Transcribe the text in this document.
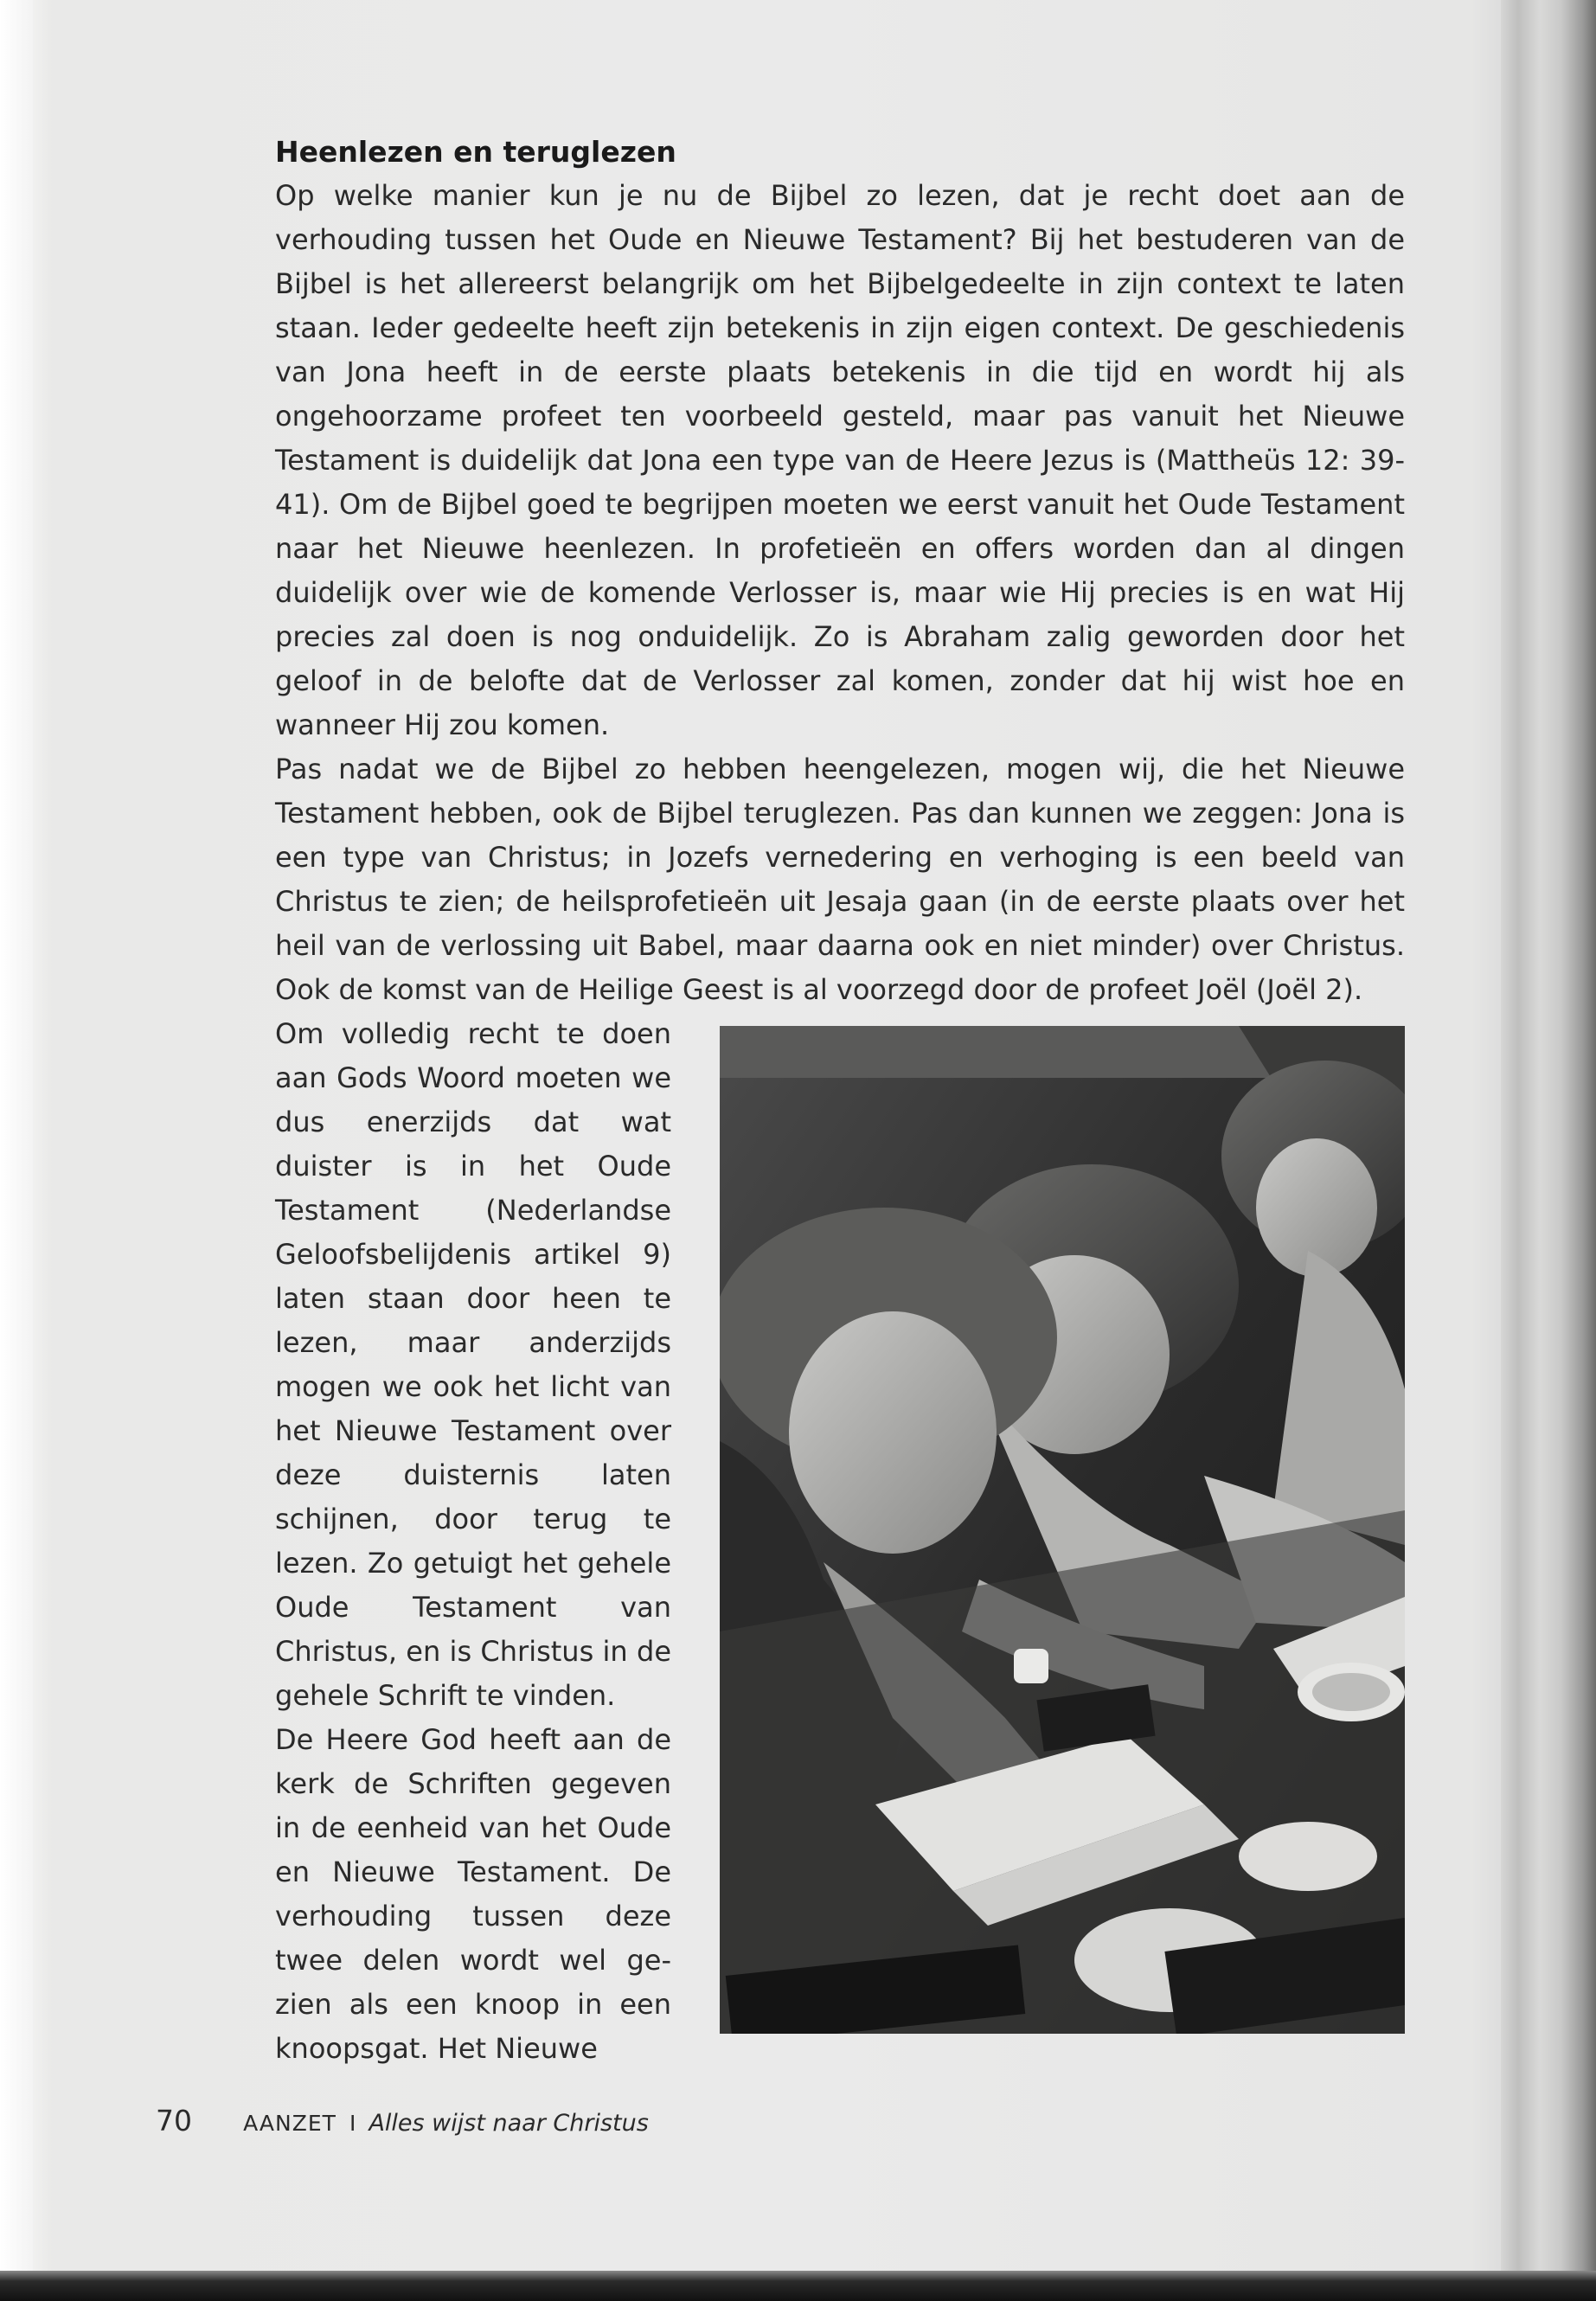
Heenlezen en teruglezen

Op welke manier kun je nu de Bijbel zo lezen, dat je recht doet aan de verhouding tussen het Oude en Nieuwe Testament? Bij het bestuderen van de Bijbel is het allereerst belangrijk om het Bijbelgedeelte in zijn context te laten staan. Ieder gedeelte heeft zijn betekenis in zijn eigen context. De geschiedenis van Jona heeft in de eerste plaats betekenis in die tijd en wordt hij als ongehoorzame profeet ten voorbeeld gesteld, maar pas vanuit het Nieuwe Testament is duidelijk dat Jona een type van de Heere Jezus is (Mattheüs 12: 39-41). Om de Bijbel goed te begrijpen moeten we eerst vanuit het Oude Testament naar het Nieuwe heenlezen. In profetieën en offers worden dan al dingen duidelijk over wie de komende Verlosser is, maar wie Hij precies is en wat Hij precies zal doen is nog onduidelijk. Zo is Abraham zalig geworden door het geloof in de belofte dat de Verlosser zal komen, zonder dat hij wist hoe en wanneer Hij zou komen.

Pas nadat we de Bijbel zo hebben heengelezen, mogen wij, die het Nieuwe Testament hebben, ook de Bijbel teruglezen. Pas dan kunnen we zeggen: Jona is een type van Christus; in Jozefs vernedering en verhoging is een beeld van Christus te zien; de heilsprofetieën uit Jesaja gaan (in de eerste plaats over het heil van de verlossing uit Babel, maar daarna ook en niet minder) over Christus. Ook de komst van de Heilige Geest is al voorzegd door de profeet Joël (Joël 2).

Om volledig recht te doen aan Gods Woord moeten we dus enerzijds dat wat duister is in het Oude Testament (Nederlandse Geloofsbelijdenis artikel 9) laten staan door heen te lezen, maar anderzijds mogen we ook het licht van het Nieuwe Testament over deze duisternis laten schijnen, door terug te lezen. Zo getuigt het gehele Oude Testament van Christus, en is Christus in de gehele Schrift te vinden.

De Heere God heeft aan de kerk de Schriften gegeven in de eenheid van het Oude en Nieuwe Testament. De verhouding tussen deze twee delen wordt wel gezien als een knoop in een knoopsgat. Het Nieuwe

70 AANZET I Alles wijst naar Christus
